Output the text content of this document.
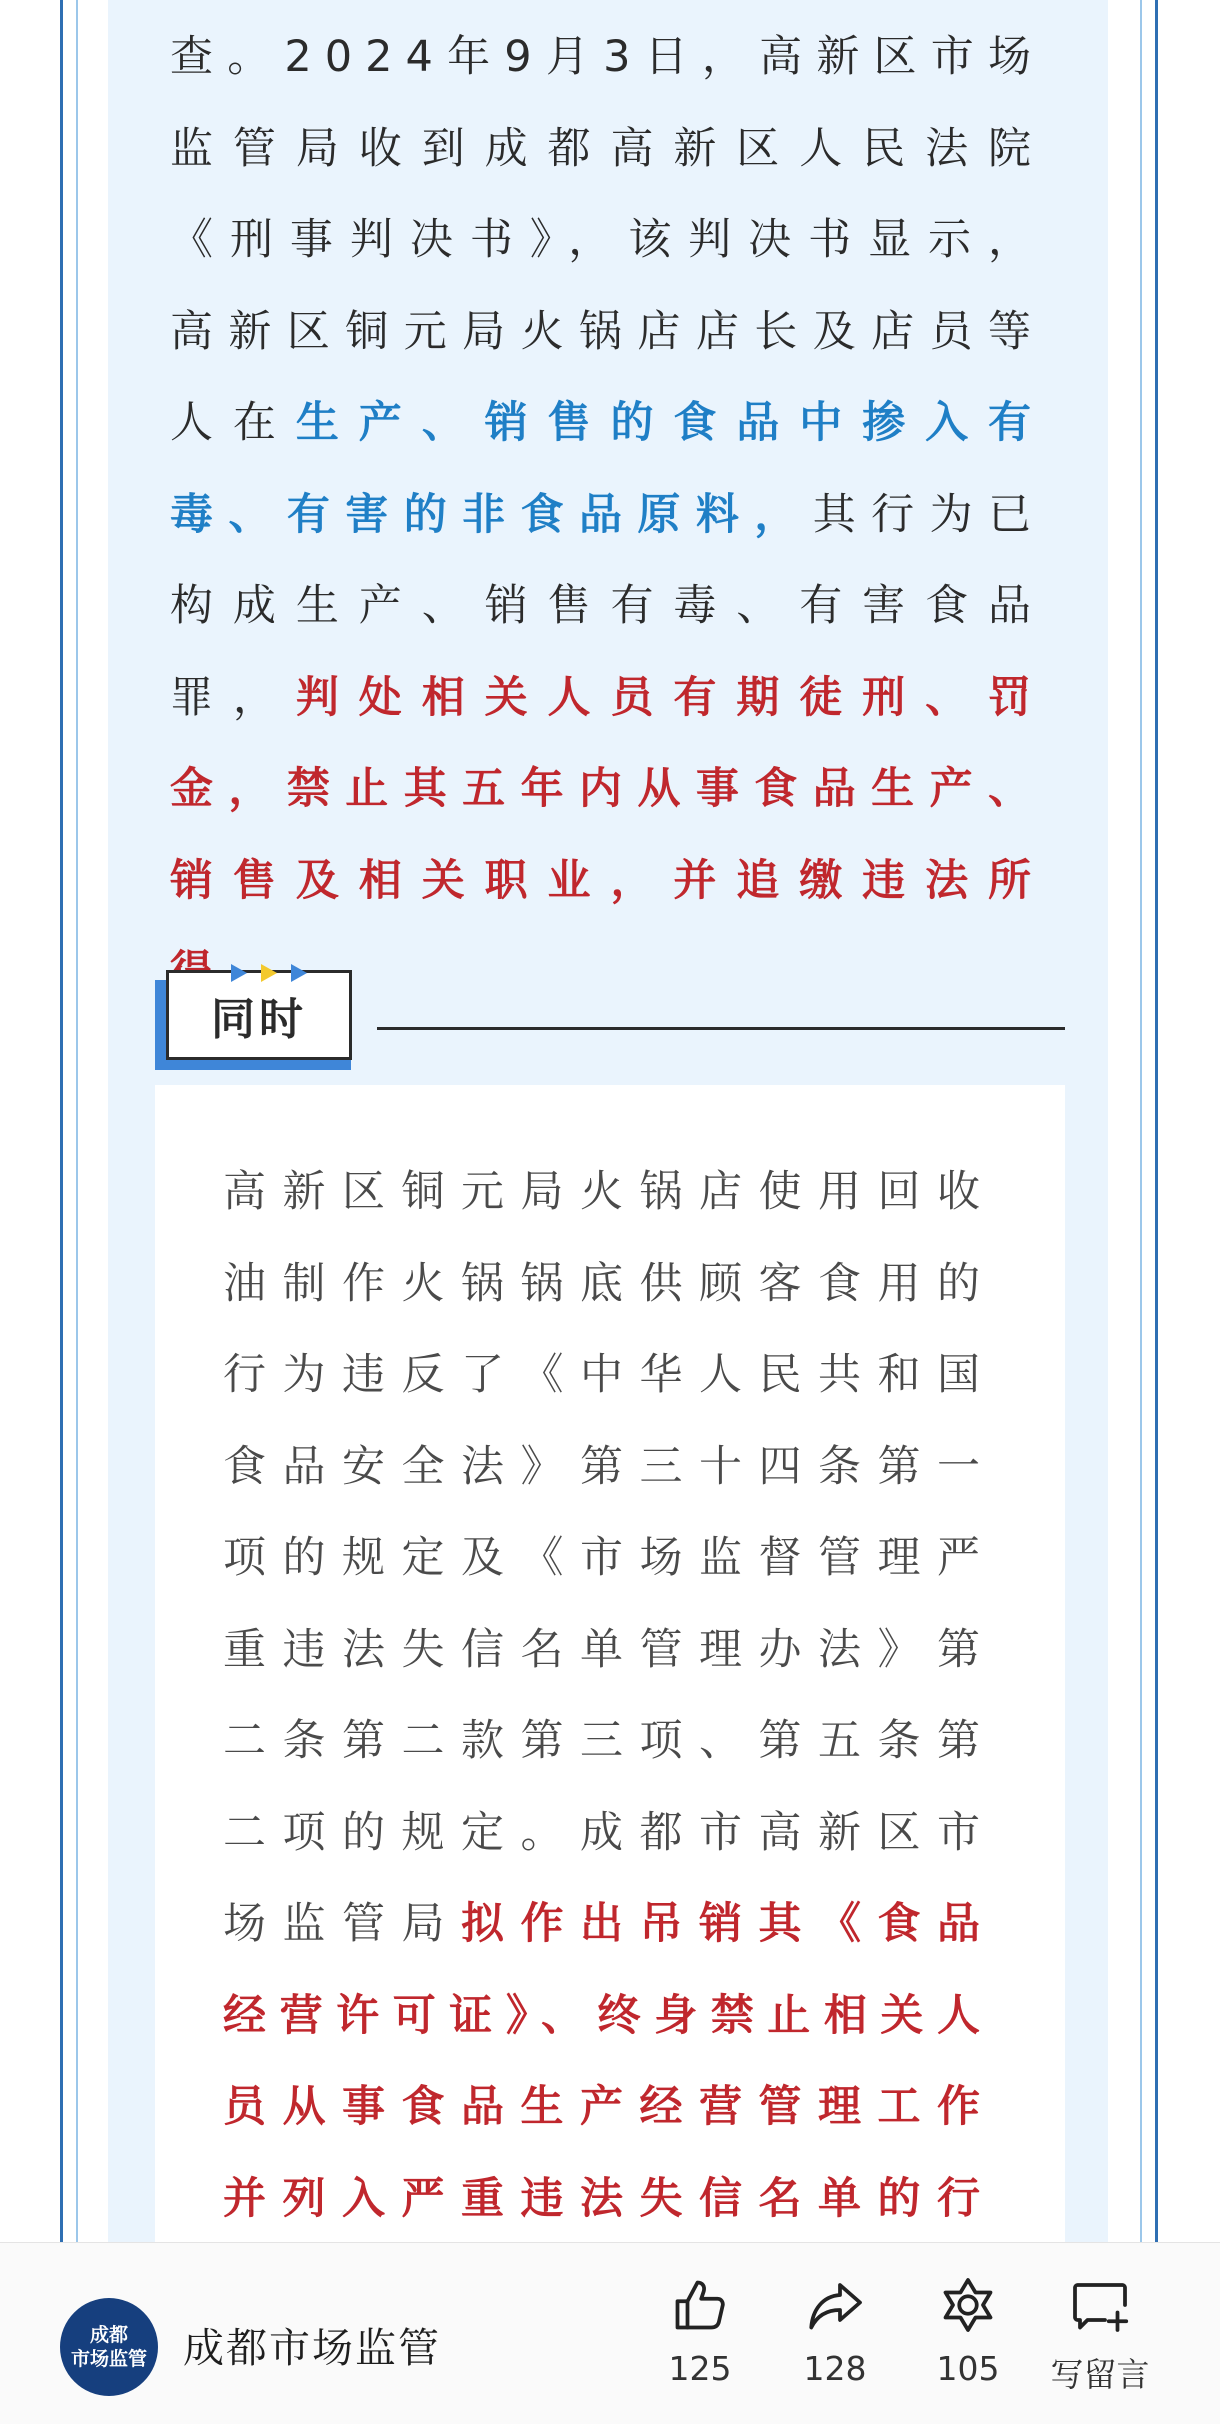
查。2024年9月3日，高新区市场监管局收到成都高新区人民法院《刑事判决书》，该判决书显示，高新区铜元局火锅店店长及店员等人在生产、销售的食品中掺入有毒、有害的非食品原料，其行为已构成生产、销售有毒、有害食品罪，判处相关人员有期徒刑、罚金，禁止其五年内从事食品生产、销售及相关职业，并追缴违法所

同时

高新区铜元局火锅店使用回收油制作火锅锅底供顾客食用的行为违反了《中华人民共和国食品安全法》第三十四条第一项的规定及《市场监督管理严重违法失信名单管理办法》第二条第二款第三项、第五条第二项的规定。成都市高新区市场监管局拟作出吊销其《食品经营许可证》、终身禁止相关人员从事食品生产经营管理工作并列入严重违法失信名单的行

成都
市场监管 成都市场监管	125	128	105	写留言
